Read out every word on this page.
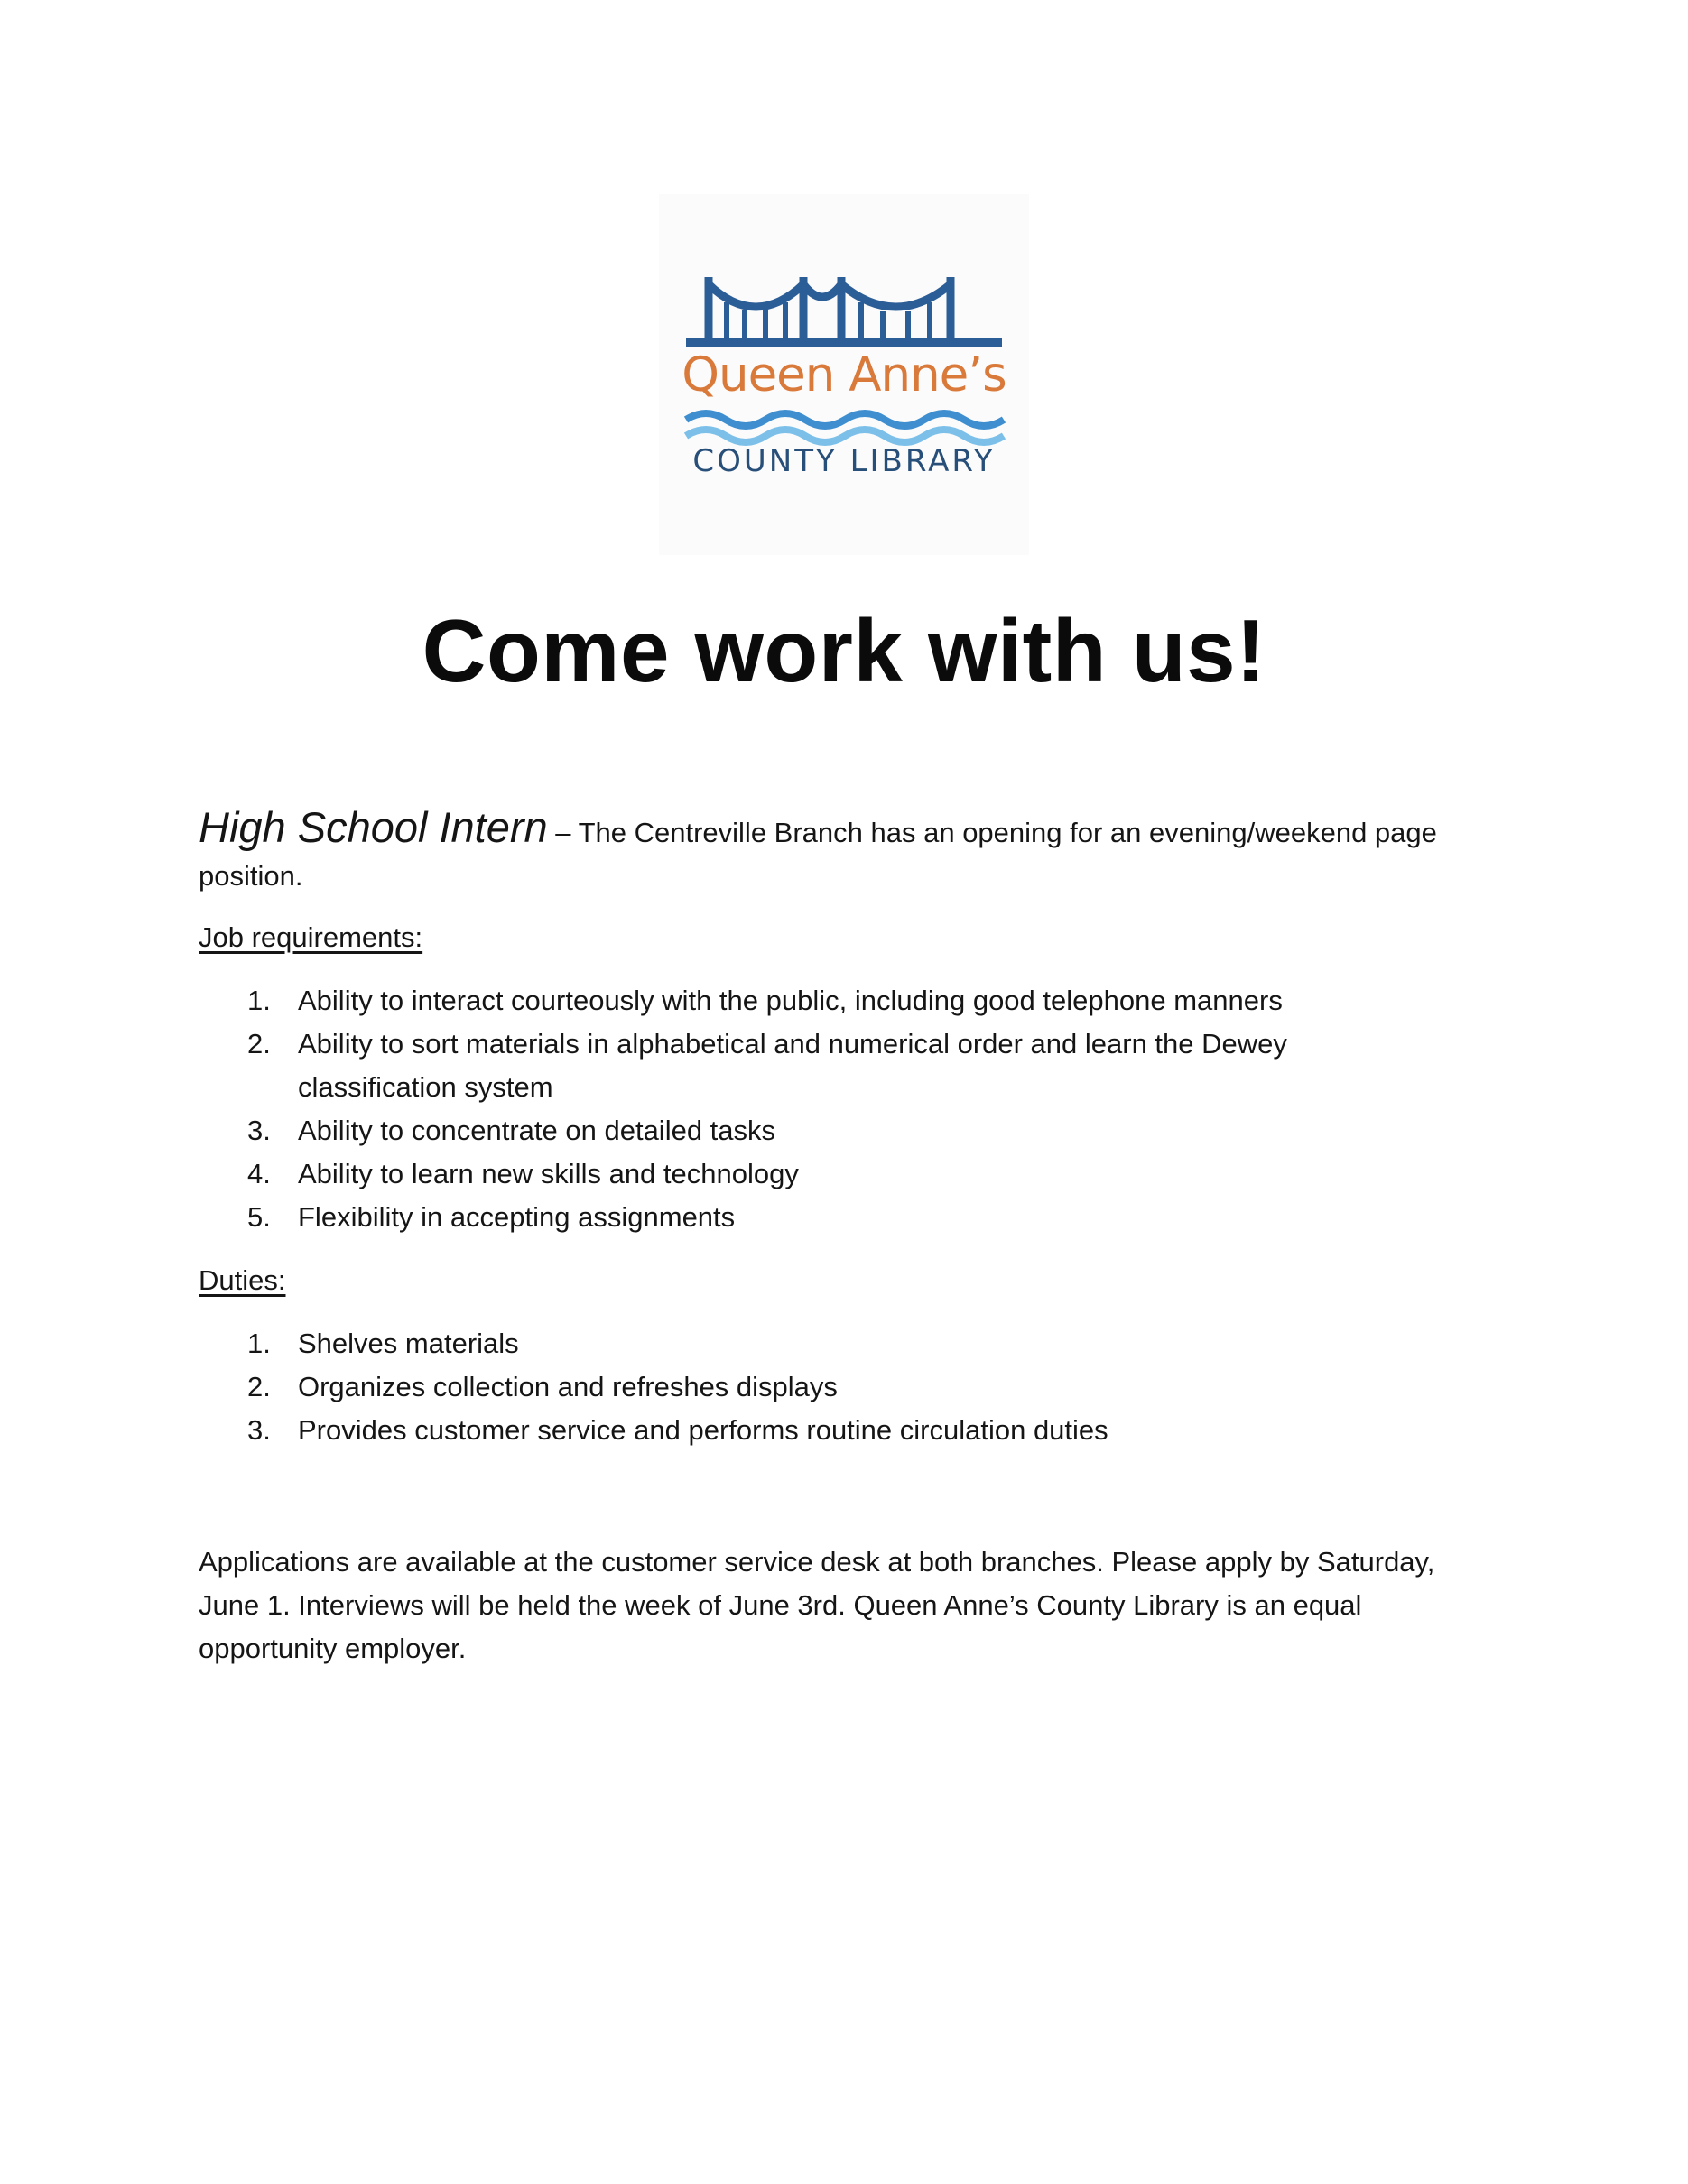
Queen Anne’s
COUNTY LIBRARY
Come work with us!

High School Intern – The Centreville Branch has an opening for an evening/weekend page position.

Job requirements:

1. Ability to interact courteously with the public, including good telephone manners
2. Ability to sort materials in alphabetical and numerical order and learn the Dewey classification system
3. Ability to concentrate on detailed tasks
4. Ability to learn new skills and technology
5. Flexibility in accepting assignments

Duties:

1. Shelves materials
2. Organizes collection and refreshes displays
3. Provides customer service and performs routine circulation duties

Applications are available at the customer service desk at both branches. Please apply by Saturday, June 1. Interviews will be held the week of June 3rd. Queen Anne’s County Library is an equal opportunity employer.
